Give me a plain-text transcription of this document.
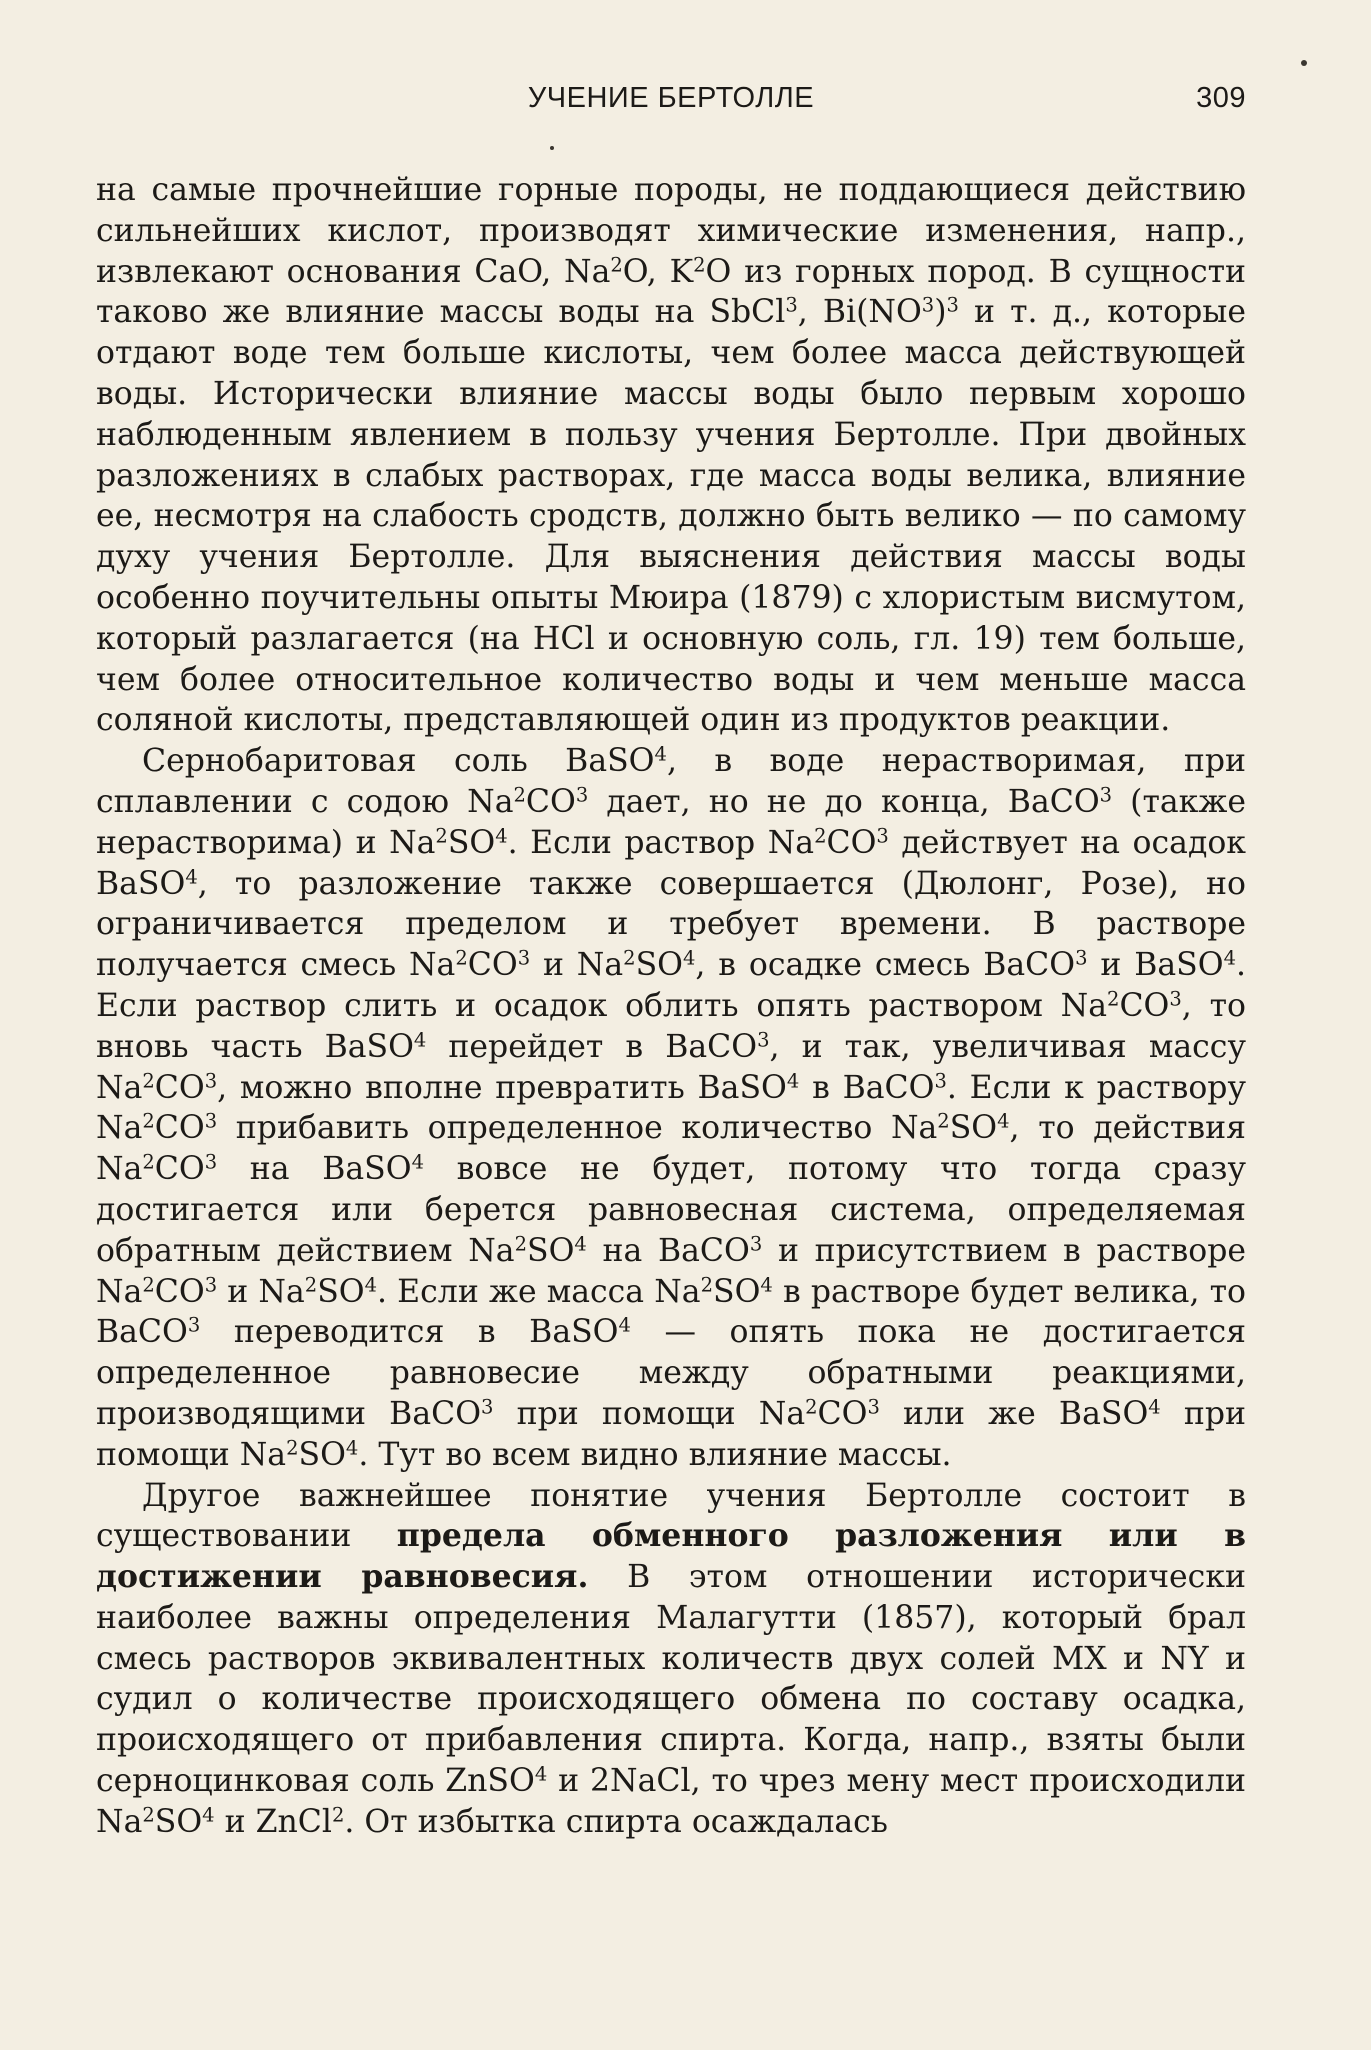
УЧЕНИЕ БЕРТОЛЛЕ	309

на самые прочнейшие горные породы, не поддающиеся действию сильнейших кислот, производят химические изменения, напр., извлекают основания CaO, Na$^2$O, $K^2O$ из горных пород. В сущности таково же влияние массы воды на SbCl$^3$, $Bi(NO^3)^3$ и т. д., которые отдают воде тем больше кислоты, чем более масса действующей воды. Исторически влияние массы воды было первым хорошо наблюденным явлением в пользу учения Бертолле. При двойных разложениях в слабых растворах, где масса воды велика, влияние ее, несмотря на слабость сродств, должно быть велико — по самому духу учения Бертолле. Для выяснения действия массы воды особенно поучительны опыты Мюира (1879) с хлористым висмутом, который разлагается (на HCl и основную соль, гл. 19) тем больше, чем более относительное количество воды и чем меньше масса соляной кислоты, представляющей один из продуктов реакции.

Сернобаритовая соль BaSO$^4$, в воде нерастворимая, при сплавлении с содою $Na^2CO^3$ дает, но не до конца, BaCO$^3$ (также нерастворима) и $Na^2SO^4$. Если раствор $Na^2CO^3$ действует на осадок BaSO$^4$, то разложение также совершается (Дюлонг, Розе), но ограничивается пределом и требует времени. В растворе получается смесь $Na^2CO^3$ и $Na^2SO^4$, в осадке смесь BaCO$^3$ и BaSO$^4$. Если раствор слить и осадок облить опять раствором $Na^2CO^3$, то вновь часть BaSO$^4$ перейдет в BaCO$^3$, и так, увеличивая массу $Na^2CO^3$, можно вполне превратить BaSO$^4$ в BaCO$^3$. Если к раствору $Na^2CO^3$ прибавить определенное количество $Na^2SO^4$, то действия $Na^2CO^3$ на BaSO$^4$ вовсе не будет, потому что тогда сразу достигается или берется равновесная система, определяемая обратным действием $Na^2SO^4$ на BaCO$^3$ и присутствием в растворе $Na^2CO^3$ и $Na^2SO^4$. Если же масса $Na^2SO^4$ в растворе будет велика, то BaCO$^3$ переводится в BaSO$^4$ — опять пока не достигается определенное равновесие между обратными реакциями, производящими BaCO$^3$ при помощи $Na^2CO^3$ или же BaSO$^4$ при помощи $Na^2SO^4$. Тут во всем видно влияние массы.

Другое важнейшее понятие учения Бертолле состоит в существовании предела обменного разложения или в достижении равновесия. В этом отношении исторически наиболее важны определения Малагутти (1857), который брал смесь растворов эквивалентных количеств двух солей MX и NY и судил о количестве происходящего обмена по составу осадка, происходящего от прибавления спирта. Когда, напр., взяты были серноцинковая соль ZnSO$^4$ и 2NaCl, то чрез мену мест происходили $Na^2SO^4$ и ZnCl$^2$. От избытка спирта осаждалась
